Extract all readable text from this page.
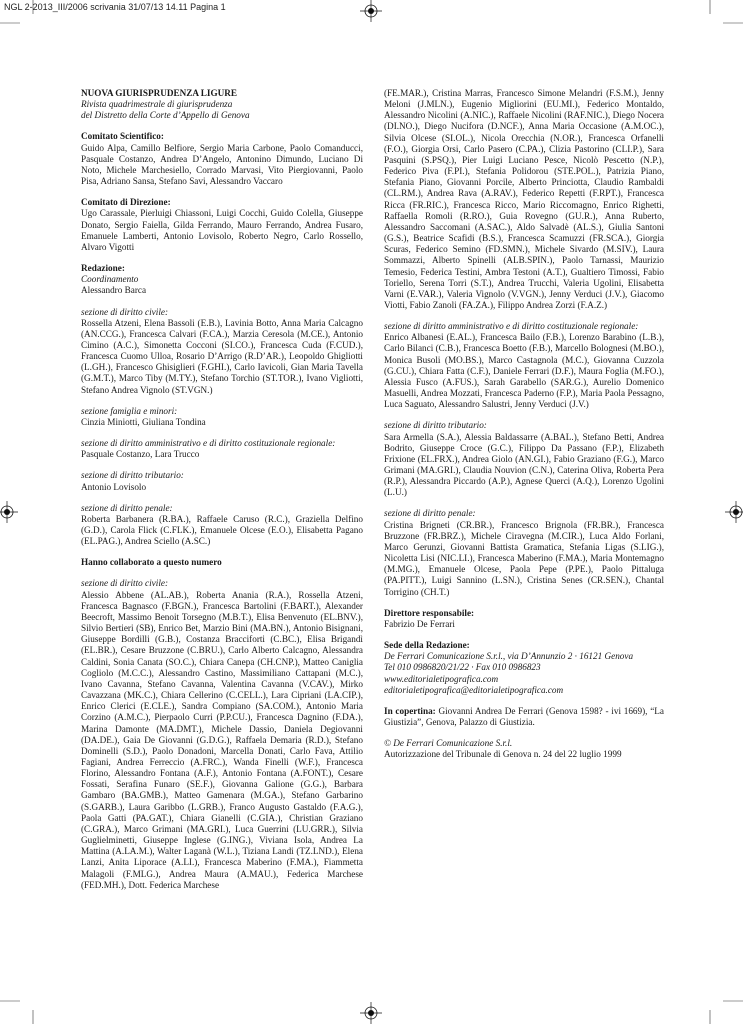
NGL 2-2013_III/2006 scrivania 31/07/13 14.11 Pagina 1

NUOVA GIURISPRUDENZA LIGURE

Rivista quadrimestrale di giurisprudenza

del Distretto della Corte d’Appello di Genova

Comitato Scientifico:

Guido Alpa, Camillo Belfiore, Sergio Maria Carbone, Paolo Comanducci, Pasquale Costanzo, Andrea D’Angelo, Antonino Dimundo, Luciano Di Noto, Michele Marchesiello, Corrado Marvasi, Vito Piergiovanni, Paolo Pisa, Adriano Sansa, Stefano Savi, Alessandro Vaccaro

Comitato di Direzione:

Ugo Carassale, Pierluigi Chiassoni, Luigi Cocchi, Guido Colella, Giuseppe Donato, Sergio Faiella, Gilda Ferrando, Mauro Ferrando, Andrea Fusaro, Emanuele Lamberti, Antonio Lovisolo, Roberto Negro, Carlo Rossello, Alvaro Vigotti

Redazione:

Coordinamento

Alessandro Barca

sezione di diritto civile:

Rossella Atzeni, Elena Bassoli (E.B.), Lavinia Botto, Anna Maria Calcagno (AN.CCG.), Francesca Calvari (F.CA.), Marzia Ceresola (M.CE.), Antonio Cimino (A.C.), Simonetta Cocconi (SI.CO.), Francesca Cuda (F.CUD.), Francesca Cuomo Ulloa, Rosario D’Arrigo (R.D’AR.), Leopoldo Ghigliotti (L.GH.), Francesco Ghisiglieri (F.GHI.), Carlo Iavicoli, Gian Maria Tavella (G.M.T.), Marco Tiby (M.TY.), Stefano Torchio (ST.TOR.), Ivano Vigliotti, Stefano Andrea Vignolo (ST.VGN.)

sezione famiglia e minori:

Cinzia Miniotti, Giuliana Tondina

sezione di diritto amministrativo e di diritto costituzionale regionale:

Pasquale Costanzo, Lara Trucco

sezione di diritto tributario:

Antonio Lovisolo

sezione di diritto penale:

Roberta Barbanera (R.BA.), Raffaele Caruso (R.C.), Graziella Delfino (G.D.), Carola Flick (C.FLK.), Emanuele Olcese (E.O.), Elisabetta Pagano (EL.PAG.), Andrea Sciello (A.SC.)

Hanno collaborato a questo numero

sezione di diritto civile:

Alessio Abbene (AL.AB.), Roberta Anania (R.A.), Rossella Atzeni, Francesca Bagnasco (F.BGN.), Francesca Bartolini (F.BART.), Alexander Beecroft, Massimo Benoit Torsegno (M.B.T.), Elisa Benvenuto (EL.BNV.), Silvio Bertieri (SB), Enrico Bet, Marzio Bini (MA.BN.), Antonio Bisignani, Giuseppe Bordilli (G.B.), Costanza Bracciforti (C.BC.), Elisa Brigandì (EL.BR.), Cesare Bruzzone (C.BRU.), Carlo Alberto Calcagno, Alessandra Caldini, Sonia Canata (SO.C.), Chiara Canepa (CH.CNP.), Matteo Caniglia Cogliolo (M.C.C.), Alessandro Castino, Massimiliano Cattapani (M.C.), Ivano Cavanna, Stefano Cavanna, Valentina Cavanna (V.CAV.), Mirko Cavazzana (MK.C.), Chiara Cellerino (C.CELL.), Lara Cipriani (LA.CIP.), Enrico Clerici (E.CLE.), Sandra Compiano (SA.COM.), Antonio Maria Corzino (A.M.C.), Pierpaolo Curri (P.P.CU.), Francesca Dagnino (F.DA.), Marina Damonte (MA.DMT.), Michele Dassio, Daniela Degiovanni (DA.DE.), Gaia De Giovanni (G.D.G.), Raffaela Demaria (R.D.), Stefano Dominelli (S.D.), Paolo Donadoni, Marcella Donati, Carlo Fava, Attilio Fagiani, Andrea Ferreccio (A.FRC.), Wanda Finelli (W.F.), Francesca Florino, Alessandro Fontana (A.F.), Antonio Fontana (A.FONT.), Cesare Fossati, Serafina Funaro (SE.F.), Giovanna Galione (G.G.), Barbara Gambaro (BA.GMB.), Matteo Gamenara (M.GA.), Stefano Garbarino (S.GARB.), Laura Garibbo (L.GRB.), Franco Augusto Gastaldo (F.A.G.), Paola Gatti (PA.GAT.), Chiara Gianelli (C.GIA.), Christian Graziano (C.GRA.), Marco Grimani (MA.GRI.), Luca Guerrini (LU.GRR.), Silvia Guglielminetti, Giuseppe Inglese (G.ING.), Viviana Isola, Andrea La Mattina (A.LA.M.), Walter Laganà (W.L.), Tiziana Landi (TZ.LND.), Elena Lanzi, Anita Liporace (A.LI.), Francesca Maberino (F.MA.), Fiammetta Malagoli (F.MLG.), Andrea Maura (A.MAU.), Federica Marchese (FED.MH.), Dott. Federica Marchese

(FE.MAR.), Cristina Marras, Francesco Simone Melandri (F.S.M.), Jenny Meloni (J.MLN.), Eugenio Migliorini (EU.MI.), Federico Montaldo, Alessandro Nicolini (A.NIC.), Raffaele Nicolini (RAF.NIC.), Diego Nocera (DI.NO.), Diego Nucifora (D.NCF.), Anna Maria Occasione (A.M.OC.), Silvia Olcese (SI.OL.), Nicola Orecchia (N.OR.), Francesca Orfanelli (F.O.), Giorgia Orsi, Carlo Pasero (C.PA.), Clizia Pastorino (CLI.P.), Sara Pasquini (S.PSQ.), Pier Luigi Luciano Pesce, Nicolò Pescetto (N.P.), Federico Piva (F.PI.), Stefania Polidorou (STE.POL.), Patrizia Piano, Stefania Piano, Giovanni Porcile, Alberto Princiotta, Claudio Rambaldi (CL.RM.), Andrea Rava (A.RAV.), Federico Repetti (F.RPT.), Francesca Ricca (FR.RIC.), Francesca Ricco, Mario Riccomagno, Enrico Righetti, Raffaella Romoli (R.RO.), Guia Rovegno (GU.R.), Anna Ruberto, Alessandro Saccomani (A.SAC.), Aldo Salvadè (AL.S.), Giulia Santoni (G.S.), Beatrice Scafidi (B.S.), Francesca Scamuzzi (FR.SCA.), Giorgia Scuras, Federico Semino (FD.SMN.), Michele Sivardo (M.SIV.), Laura Sommazzi, Alberto Spinelli (ALB.SPIN.), Paolo Tarnassi, Maurizio Temesio, Federica Testini, Ambra Testoni (A.T.), Gualtiero Timossi, Fabio Toriello, Serena Torri (S.T.), Andrea Trucchi, Valeria Ugolini, Elisabetta Varni (E.VAR.), Valeria Vignolo (V.VGN.), Jenny Verduci (J.V.), Giacomo Viotti, Fabio Zanoli (FA.ZA.), Filippo Andrea Zorzi (F.A.Z.)

sezione di diritto amministrativo e di diritto costituzionale regionale:

Enrico Albanesi (E.AL.), Francesca Bailo (F.B.), Lorenzo Barabino (L.B.), Carlo Bilanci (C.B.), Francesca Boetto (F.B.), Marcello Bolognesi (M.BO.), Monica Busoli (MO.BS.), Marco Castagnola (M.C.), Giovanna Cuzzola (G.CU.), Chiara Fatta (C.F.), Daniele Ferrari (D.F.), Maura Foglia (M.FO.), Alessia Fusco (A.FUS.), Sarah Garabello (SAR.G.), Aurelio Domenico Masuelli, Andrea Mozzati, Francesca Paderno (F.P.), Maria Paola Pessagno, Luca Saguato, Alessandro Salustri, Jenny Verduci (J.V.)

sezione di diritto tributario:

Sara Armella (S.A.), Alessia Baldassarre (A.BAL.), Stefano Betti, Andrea Bodrito, Giuseppe Croce (G.C.), Filippo Da Passano (F.P.), Elizabeth Frixione (EL.FRX.), Andrea Giolo (AN.GI.), Fabio Graziano (F.G.), Marco Grimani (MA.GRI.), Claudia Nouvion (C.N.), Caterina Oliva, Roberta Pera (R.P.), Alessandra Piccardo (A.P.), Agnese Querci (A.Q.), Lorenzo Ugolini (L.U.)

sezione di diritto penale:

Cristina Brigneti (CR.BR.), Francesco Brignola (FR.BR.), Francesca Bruzzone (FR.BRZ.), Michele Ciravegna (M.CIR.), Luca Aldo Forlani, Marco Gerunzi, Giovanni Battista Gramatica, Stefania Ligas (S.LIG.), Nicoletta Lisi (NIC.LI.), Francesca Maberino (F.MA.), Maria Montemagno (M.MG.), Emanuele Olcese, Paola Pepe (P.PE.), Paolo Pittaluga (PA.PITT.), Luigi Sannino (L.SN.), Cristina Senes (CR.SEN.), Chantal Torrigino (CH.T.)

Direttore responsabile:

Fabrizio De Ferrari

Sede della Redazione:

De Ferrari Comunicazione S.r.l., via D’Annunzio 2 · 16121 Genova

Tel 010 0986820/21/22 · Fax 010 0986823

www.editorialetipografica.com

editorialetipografica@editorialetipografica.com

In copertina: Giovanni Andrea De Ferrari (Genova 1598? - ivi 1669), “La Giustizia”, Genova, Palazzo di Giustizia.

© De Ferrari Comunicazione S.r.l.

Autorizzazione del Tribunale di Genova n. 24 del 22 luglio 1999
